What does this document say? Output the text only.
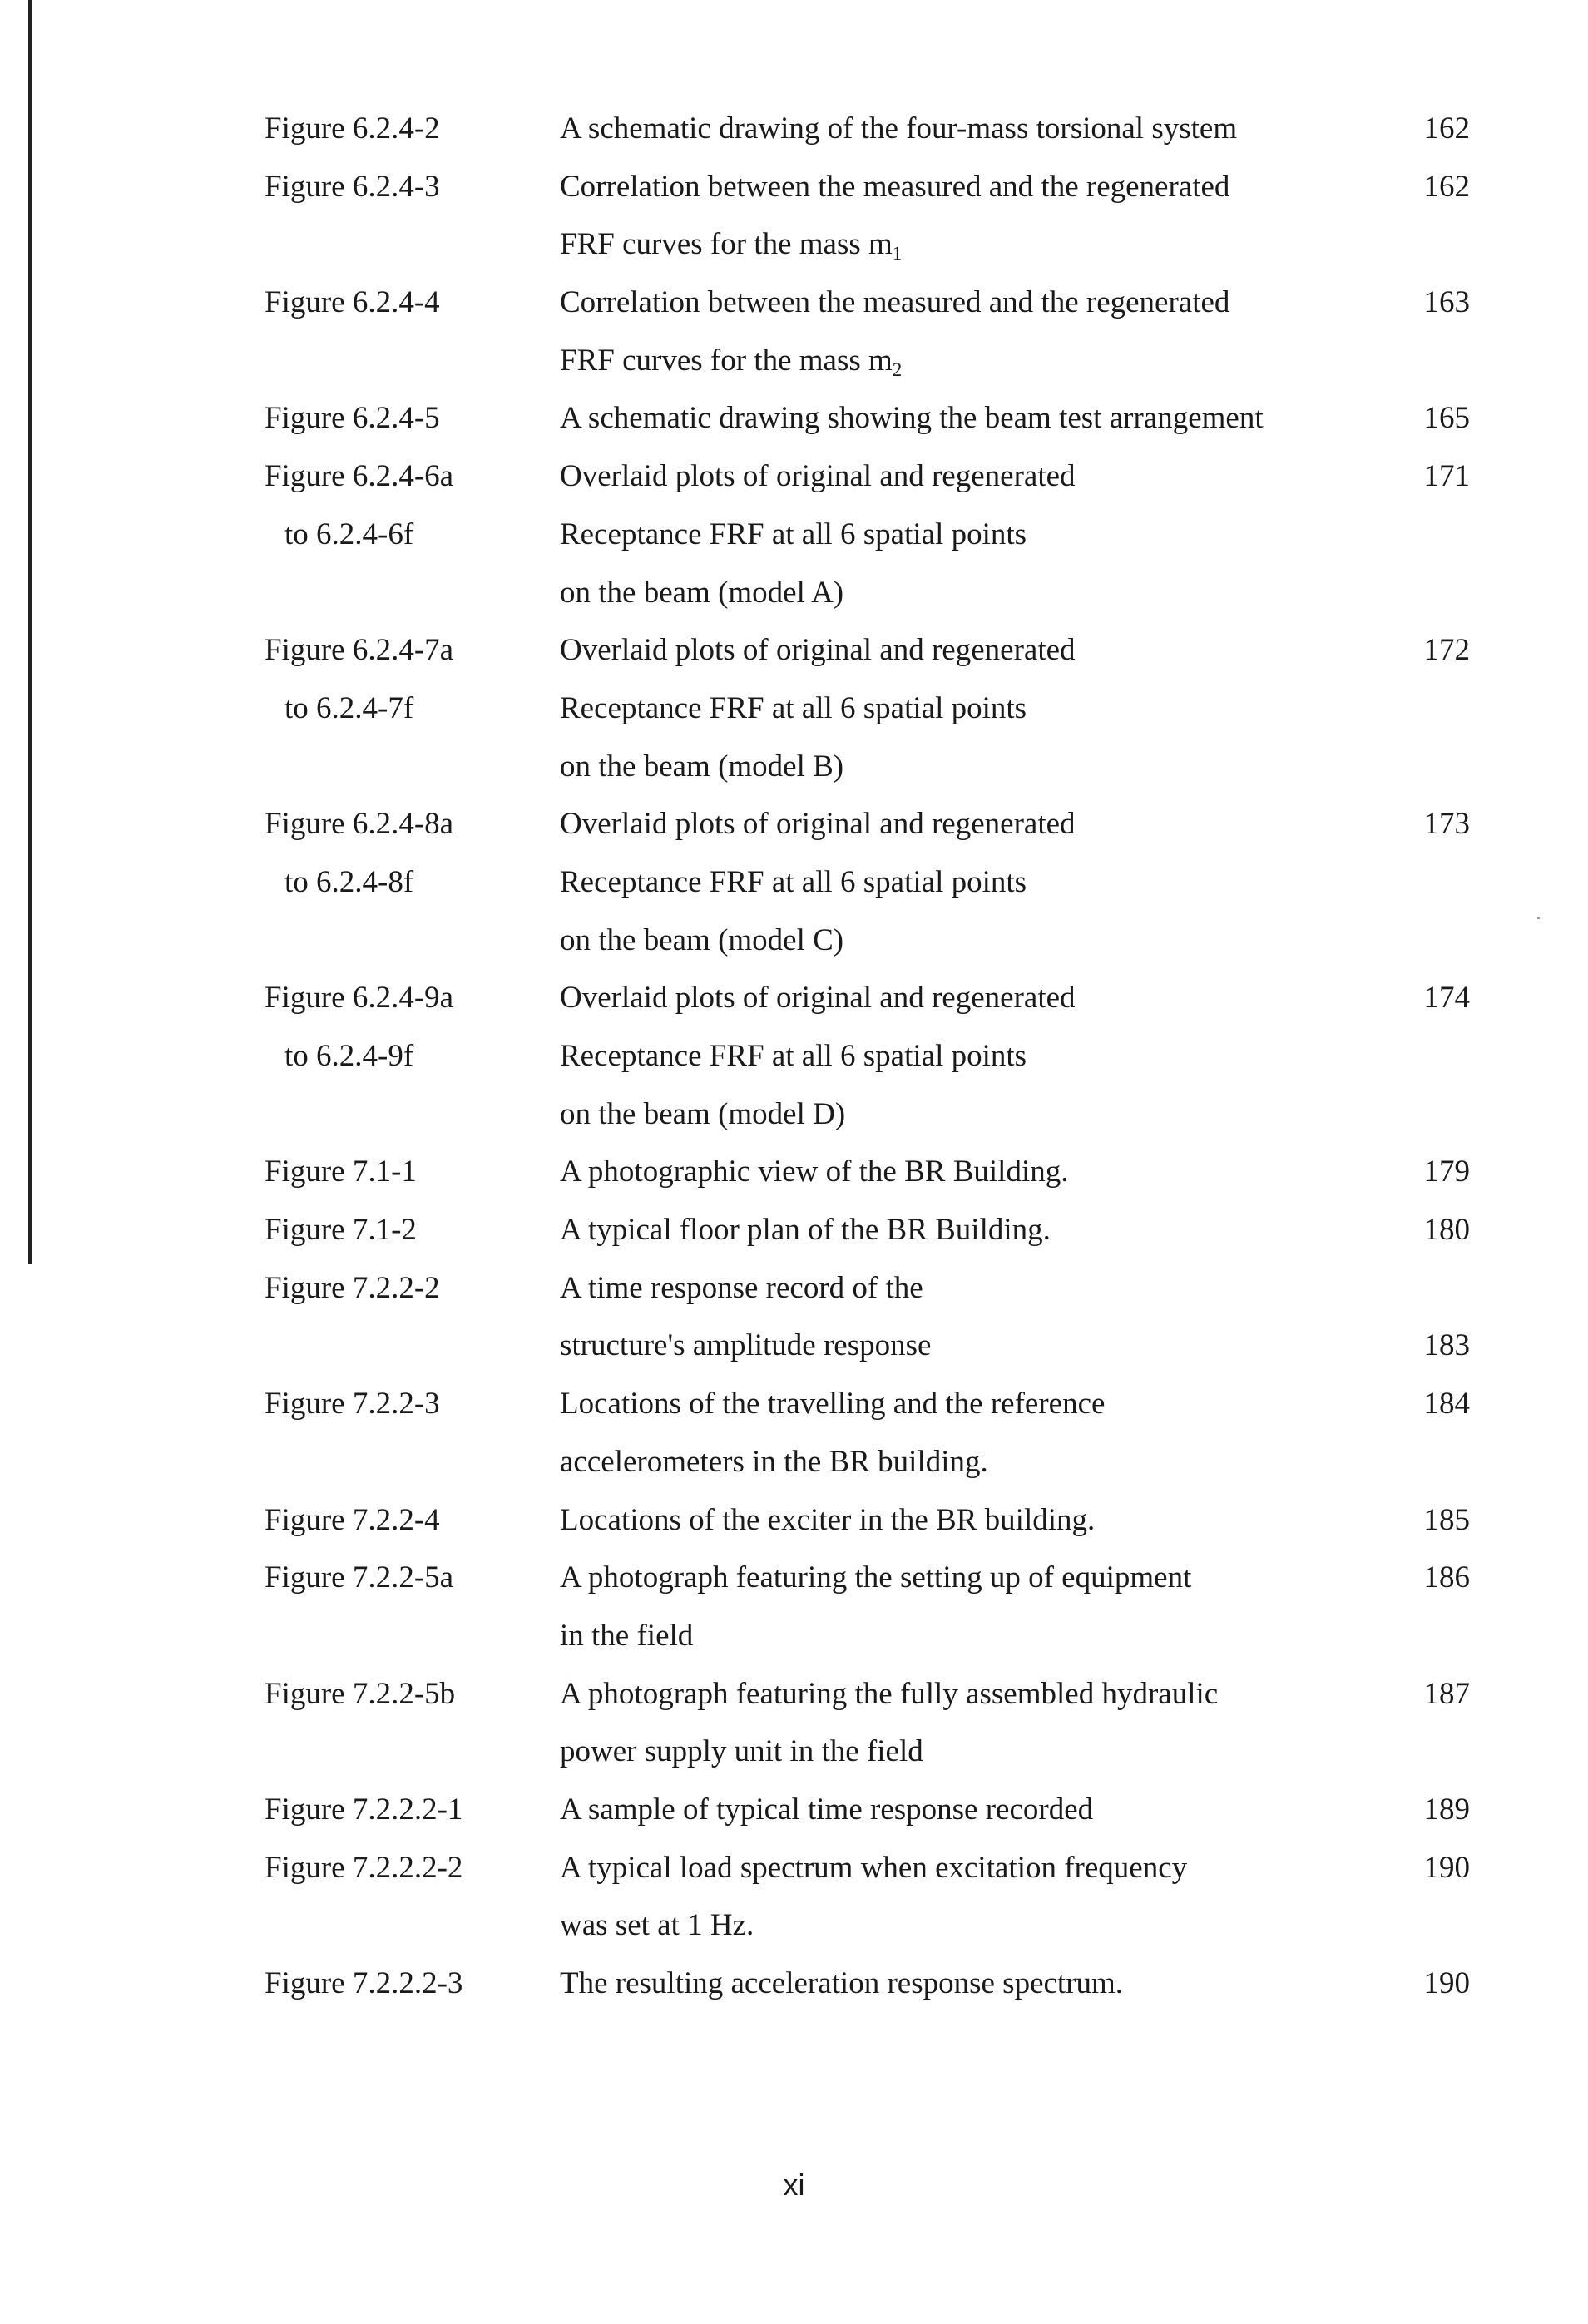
Figure 6.2.4-2	A schematic drawing of the four-mass torsional system	162
Figure 6.2.4-3	Correlation between the measured and the regenerated	162
FRF curves for the mass $m_1$
Figure 6.2.4-4	Correlation between the measured and the regenerated	163
FRF curves for the mass $m_2$
Figure 6.2.4-5	A schematic drawing showing the beam test arrangement	165
Figure 6.2.4-6a	Overlaid plots of original and regenerated	171
to 6.2.4-6f	Receptance FRF at all 6 spatial points
on the beam (model A)
Figure 6.2.4-7a	Overlaid plots of original and regenerated	172
to 6.2.4-7f	Receptance FRF at all 6 spatial points
on the beam (model B)
Figure 6.2.4-8a	Overlaid plots of original and regenerated	173
to 6.2.4-8f	Receptance FRF at all 6 spatial points
on the beam (model C)
Figure 6.2.4-9a	Overlaid plots of original and regenerated	174
to 6.2.4-9f	Receptance FRF at all 6 spatial points
on the beam (model D)
Figure 7.1-1	A photographic view of the BR Building.	179
Figure 7.1-2	A typical floor plan of the BR Building.	180
Figure 7.2.2-2	A time response record of the
structure's amplitude response	183
Figure 7.2.2-3	Locations of the travelling and the reference	184
accelerometers in the BR building.
Figure 7.2.2-4	Locations of the exciter in the BR building.	185
Figure 7.2.2-5a	A photograph featuring the setting up of equipment	186
in the field
Figure 7.2.2-5b	A photograph featuring the fully assembled hydraulic	187
power supply unit in the field
Figure 7.2.2.2-1	A sample of typical time response recorded	189
Figure 7.2.2.2-2	A typical load spectrum when excitation frequency	190
was set at 1 Hz.
Figure 7.2.2.2-3	The resulting acceleration response spectrum.	190
xi
